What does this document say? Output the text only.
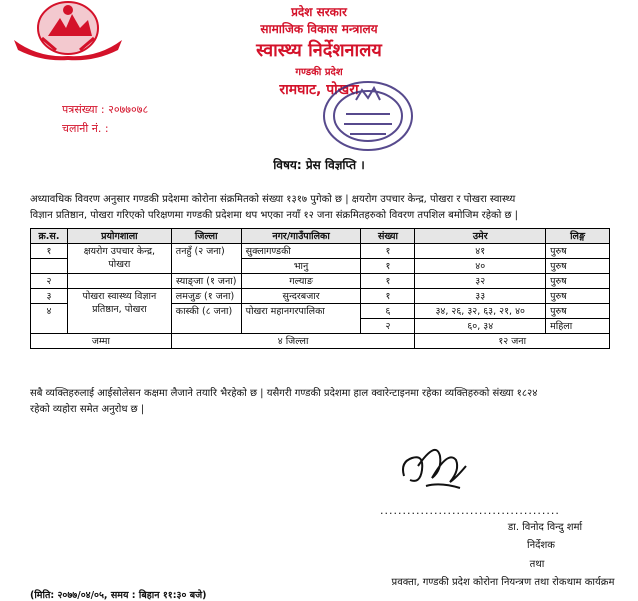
प्रदेश सरकार
सामाजिक विकास मन्त्रालय
स्वास्थ्य निर्देशनालय
गण्डकी प्रदेश
रामघाट, पोखरा
पत्रसंख्या : २०७७०७८
चलानी नं. :
विषय: प्रेस विज्ञप्ति ।
अध्यावधिक विवरण अनुसार गण्डकी प्रदेशमा कोरोना संक्रमितको संख्या १३१७ पुगेको छ | क्षयरोग उपचार केन्द्र, पोखरा र पोखरा स्वास्थ्य
विज्ञान प्रतिष्ठान, पोखरा गरिएको परिक्षणमा गण्डकी प्रदेशमा थप भएका नयाँ १२ जना संक्रमितहरुको विवरण तपशिल बमोजिम रहेको छ |
क्र.स.	प्रयोगशाला	जिल्ला	नगर/गाउँपालिका	संख्या	उमेर	लिङ्ग
१	क्षयरोग उपचार केन्द्र, पोखरा	तनहुँ (२ जना)	सुक्लागण्डकी	१	४१	पुरुष
			भानु	१	४०	पुरुष
२		स्याङ्जा (१ जना)	गल्याङ	१	३२	पुरुष
३	पोखरा स्वास्थ्य विज्ञान प्रतिष्ठान, पोखरा	लमजुङ (१ जना)	सुन्दरबजार	१	३३	पुरुष
४		कास्की (८ जना)	पोखरा महानगरपालिका	६	३४, २६, ३२, ६३, २१, ४०	पुरुष
				२	६०, ३४	महिला
जम्मा		४ जिल्ला			१२ जना	
सबै व्यक्तिहरुलाई आईसोलेसन कक्षमा लैजाने तयारि भैरहेको छ | यसैगरी गण्डकी प्रदेशमा हाल क्वारेन्टाइनमा रहेका व्यक्तिहरुको संख्या १८२४
रहेको व्यहोरा समेत अनुरोध छ |
........................................
डा. विनोद विन्दु शर्मा
निर्देशक
तथा
प्रवक्ता, गण्डकी प्रदेश कोरोना नियन्त्रण तथा रोकथाम कार्यक्रम
(मिति: २०७७/०४/०५, समय : बिहान ११:३० बजे)
